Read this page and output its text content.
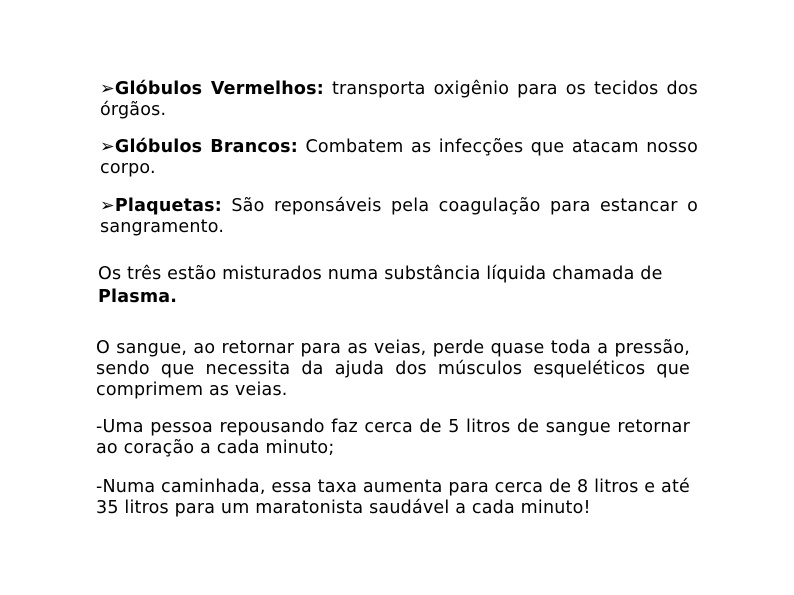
➢Glóbulos Vermelhos: transporta oxigênio para os tecidos dos órgãos.
➢Glóbulos Brancos: Combatem as infecções que atacam nosso corpo.
➢Plaquetas: São reponsáveis pela coagulação para estancar o sangramento.
Os três estão misturados numa substância líquida chamada de Plasma.
O sangue, ao retornar para as veias, perde quase toda a pressão, sendo que necessita da ajuda dos músculos esqueléticos que comprimem as veias.
-Uma pessoa repousando faz cerca de 5 litros de sangue retornar ao coração a cada minuto;
-Numa caminhada, essa taxa aumenta para cerca de 8 litros e até 35 litros para um maratonista saudável a cada minuto!
